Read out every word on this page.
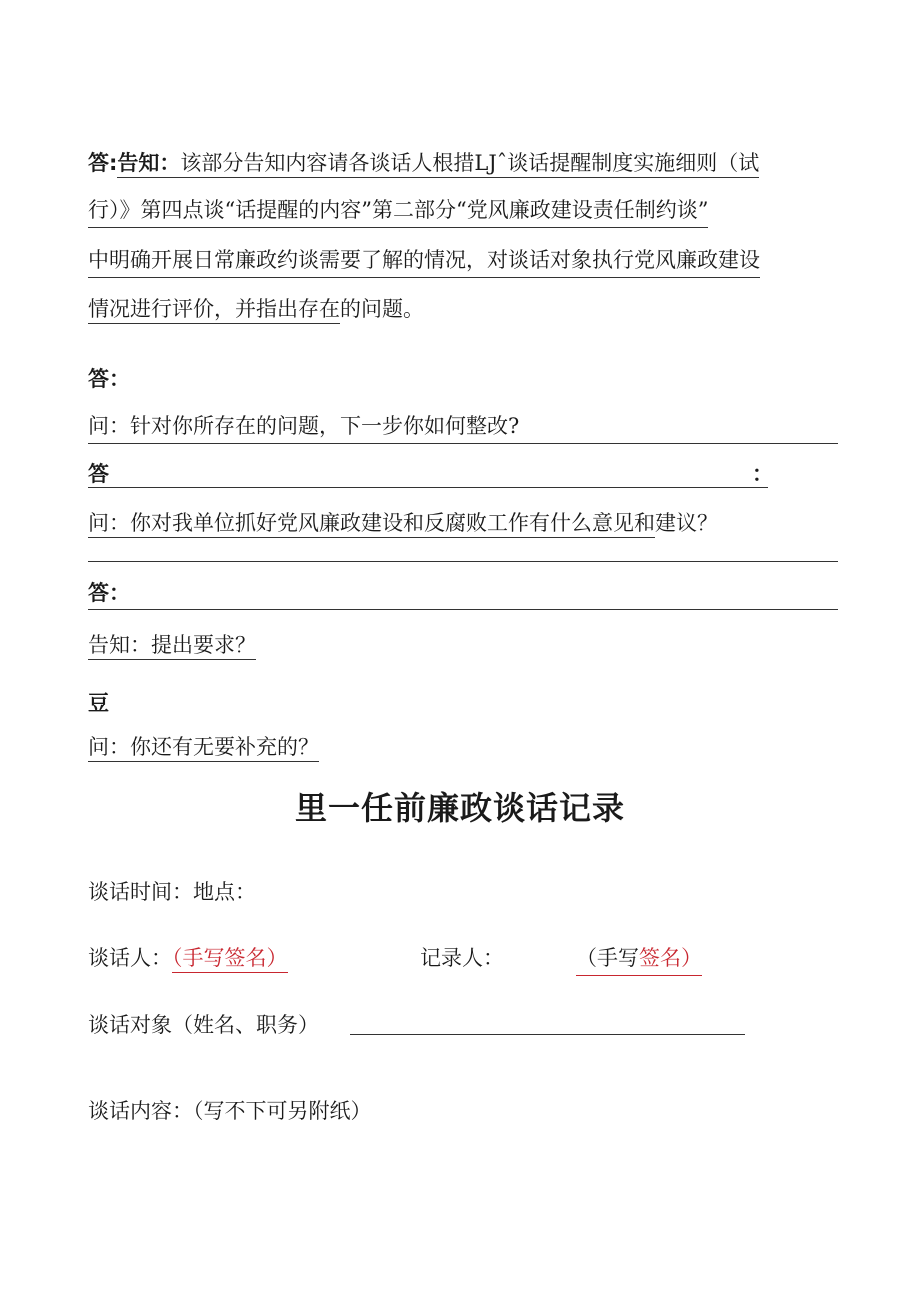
答:告知：该部分告知内容请各谈话人根措LJˆ谈话提醒制度实施细则（试
行）》第四点谈“话提醒的内容”第二部分“党风廉政建设责任制约谈”
中明确开展日常廉政约谈需要了解的情况，对谈话对象执行党风廉政建设
情况进行评价，并指出存在的问题。
答：
问：针对你所存在的问题，下一步你如何整改?
答	：
问：你对我单位抓好党风廉政建设和反腐败工作有什么意见和建议？
答：
告知：提出要求？
豆
问：你还有无要补充的？
里一任前廉政谈话记录
谈话时间：地点：
谈话人：（手写签名）	记录人：	（手写签名）
谈话对象（姓名、职务）
谈话内容：（写不下可另附纸）
